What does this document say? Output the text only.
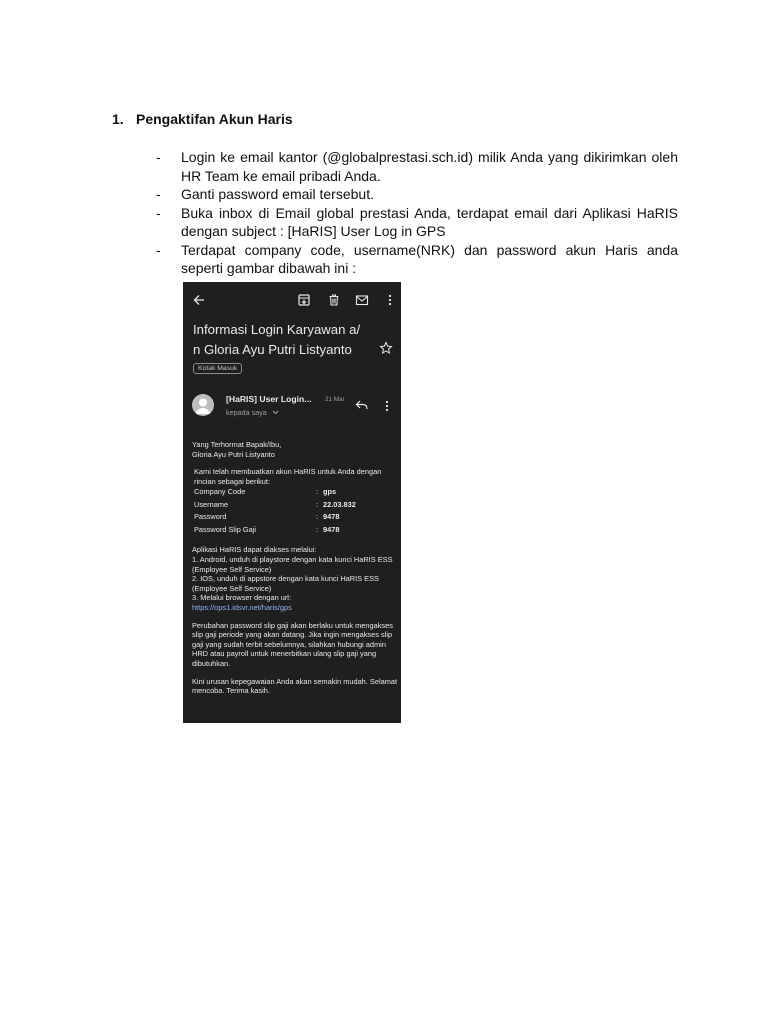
1. Pengaktifan Akun Haris
- Login ke email kantor (@globalprestasi.sch.id) milik Anda yang dikirimkan oleh HR Team ke email pribadi Anda.
- Ganti password email tersebut.
- Buka inbox di Email global prestasi Anda, terdapat email dari Aplikasi HaRIS dengan subject : [HaRIS] User Log in GPS
- Terdapat company code, username(NRK) dan password akun Haris anda seperti gambar dibawah ini :
Informasi Login Karyawan a/
n Gloria Ayu Putri Listyanto
Kotak Masuk
[HaRIS] User Login... 21 Mar
kepada saya

Yang Terhormat Bapak/Ibu,
Gloria Ayu Putri Listyanto

Kami telah membuatkan akun HaRIS untuk Anda dengan rincian sebagai berikut:

Company Code	: gps
Username	: 22.03.832
Password	: 9478
Password Slip Gaji	: 9478

Aplikasi HaRIS dapat diakses melalui:
1. Android, unduh di playstore dengan kata kunci HaRIS ESS (Employee Self Service)
2. IOS, unduh di appstore dengan kata kunci HaRIS ESS (Employee Self Service)
3. Melalui browser dengan url:
https://ops1.idsvr.net/haris/gps

Perubahan password slip gaji akan berlaku untuk mengakses slip gaji periode yang akan datang. Jika ingin mengakses slip gaji yang sudah terbit sebelumnya, silahkan hubungi admin HRD atau payroll untuk menerbitkan ulang slip gaji yang dibutuhkan.

Kini urusan kepegawaian Anda akan semakin mudah. Selamat mencoba. Terima kasih.
